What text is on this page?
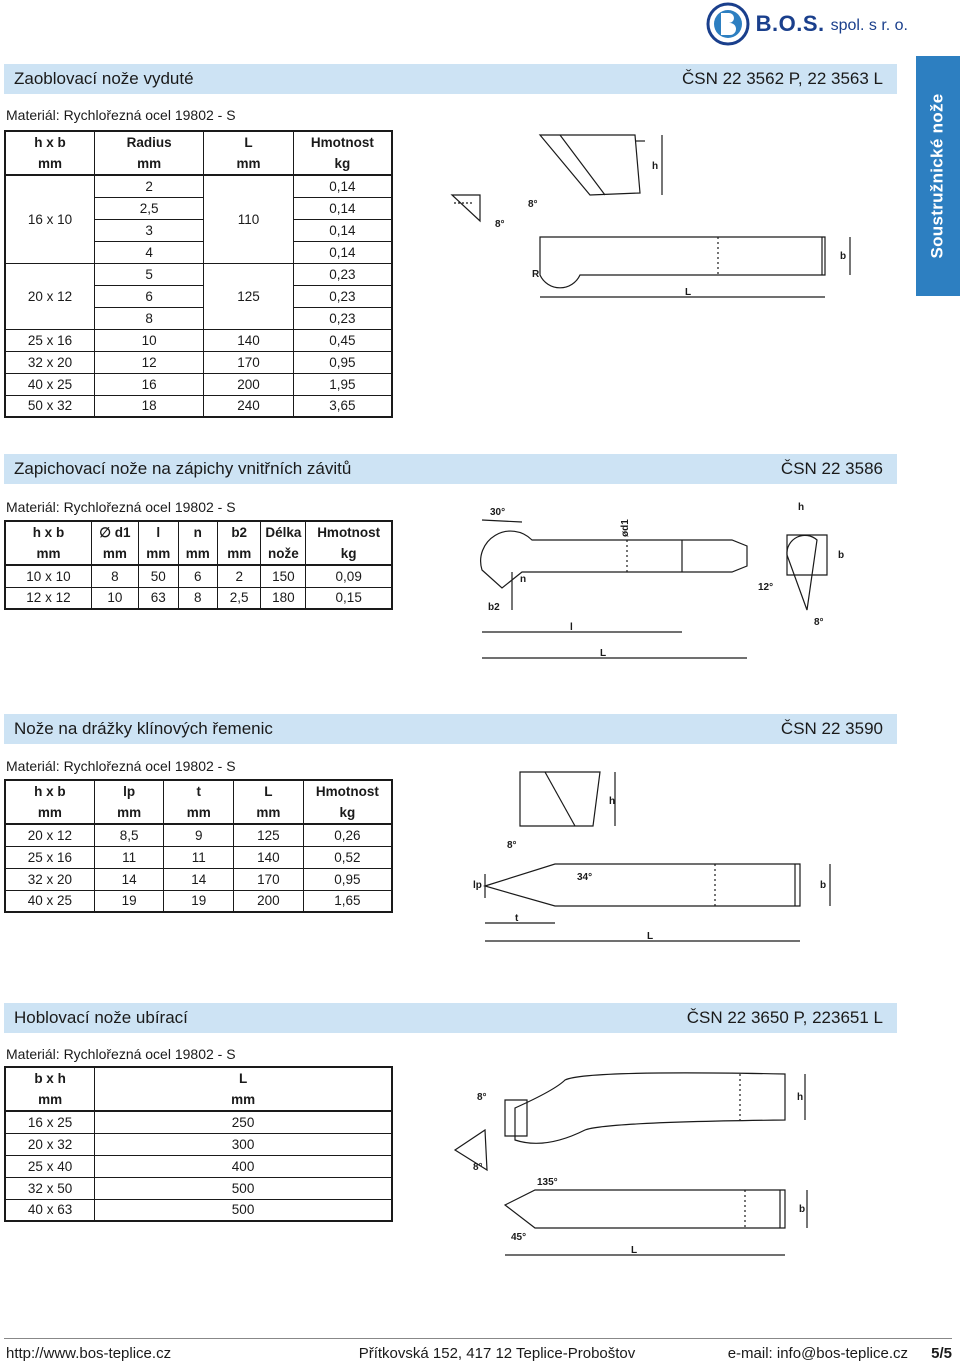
B.O.S. spol. s r. o.
Soustružnické nože
Zaoblovací nože vyduté	ČSN 22 3562 P, 22 3563 L
Materiál: Rychlořezná ocel 19802 - S
h x b	Radius	L	Hmotnost
mm	mm	mm	kg
16 x 10	2	110	0,14
	2,5		0,14
	3		0,14
	4		0,14
20 x 12	5	125	0,23
	6		0,23
	8		0,23
25 x 16	10	140	0,45
32 x 20	12	170	0,95
40 x 25	16	200	1,95
50 x 32	18	240	3,65
h
8°
8°
b
R
L
Zapichovací nože na zápichy vnitřních závitů	ČSN 22 3586
Materiál: Rychlořezná ocel 19802 - S
h x b	∅ d1	l	n	b2	Délka	Hmotnost
mm	mm	mm	mm	mm	nože	kg
10 x 10	8	50	6	2	150	0,09
12 x 12	10	63	8	2,5	180	0,15
30°
ød1
n
b2
l
L
h
b
12°
8°
Nože na drážky klínových řemenic	ČSN 22 3590
Materiál: Rychlořezná ocel 19802 - S
h x b	lp	t	L	Hmotnost
mm	mm	mm	mm	kg
20 x 12	8,5	9	125	0,26
25 x 16	11	11	140	0,52
32 x 20	14	14	170	0,95
40 x 25	19	19	200	1,65
h
8°
b
34°
lp
t
L
Hoblovací nože ubírací	ČSN 22 3650 P, 223651 L
Materiál: Rychlořezná ocel 19802 - S
b x h	L
mm	mm
16 x 25	250
20 x 32	300
25 x 40	400
32 x 50	500
40 x 63	500
h
8°
8°
b
135°
45°
L
http://www.bos-teplice.cz	Přítkovská 152, 417 12 Teplice-Proboštov	e-mail: info@bos-teplice.cz	5/5
